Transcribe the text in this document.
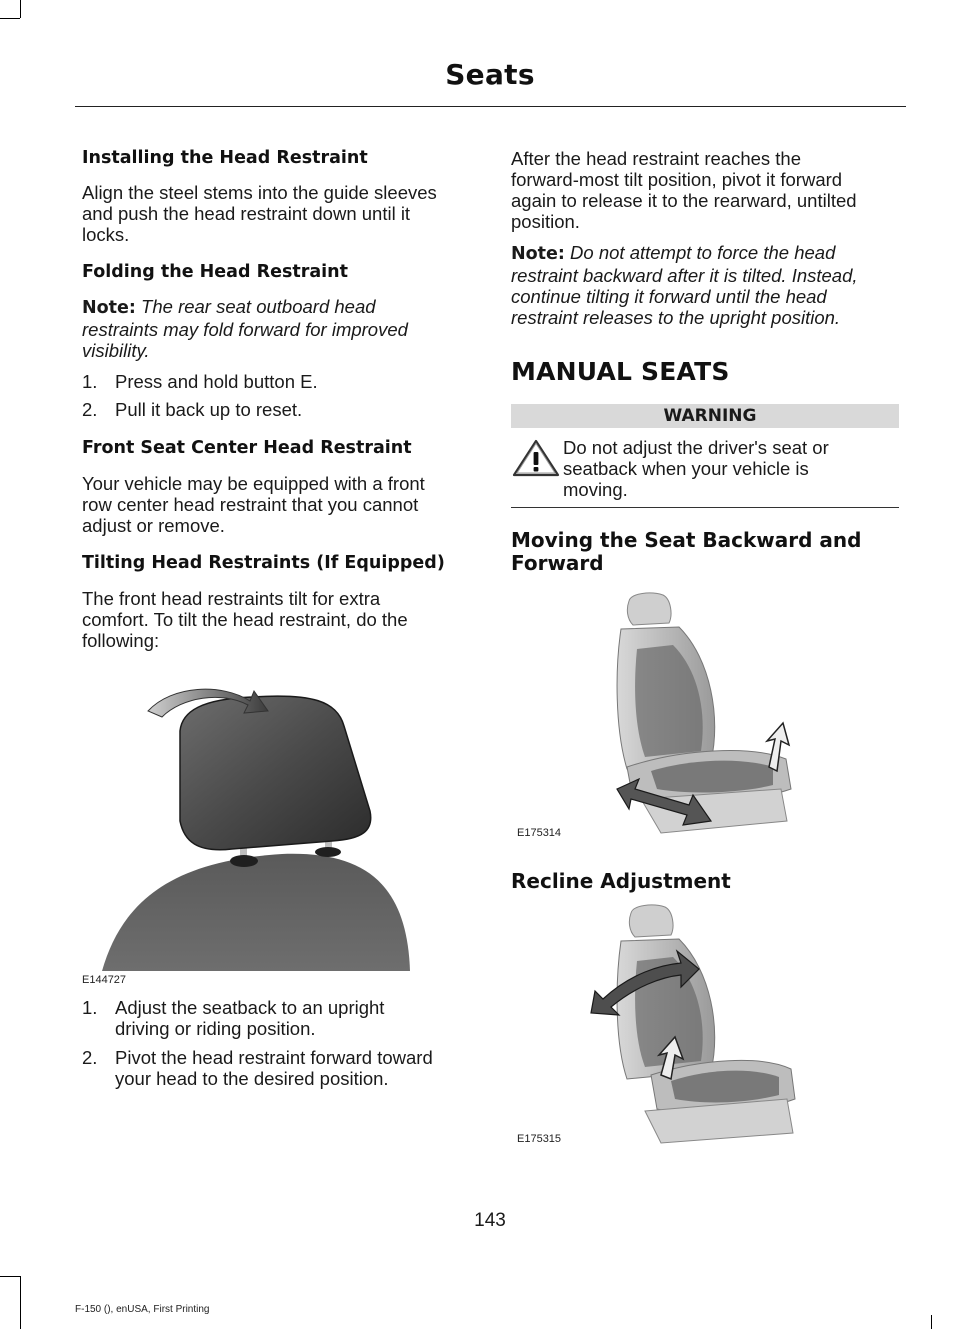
Seats

Installing the Head Restraint

Align the steel stems into the guide sleeves
and push the head restraint down until it
locks.

Folding the Head Restraint

Note: The rear seat outboard head
restraints may fold forward for improved
visibility.

1. Press and hold button E.
2. Pull it back up to reset.

Front Seat Center Head Restraint

Your vehicle may be equipped with a front
row center head restraint that you cannot
adjust or remove.

Tilting Head Restraints (If Equipped)

The front head restraints tilt for extra
comfort. To tilt the head restraint, do the
following:

E144727
1. Adjust the seatback to an upright
driving or riding position.
2. Pivot the head restraint forward toward
your head to the desired position.

After the head restraint reaches the
forward-most tilt position, pivot it forward
again to release it to the rearward, untilted
position.

Note: Do not attempt to force the head
restraint backward after it is tilted. Instead,
continue tilting it forward until the head
restraint releases to the upright position.

MANUAL SEATS

WARNING
Do not adjust the driver's seat or
seatback when your vehicle is
moving.

Moving the Seat Backward and
Forward

E175314

Recline Adjustment

E175315
143
F-150 (), enUSA, First Printing
